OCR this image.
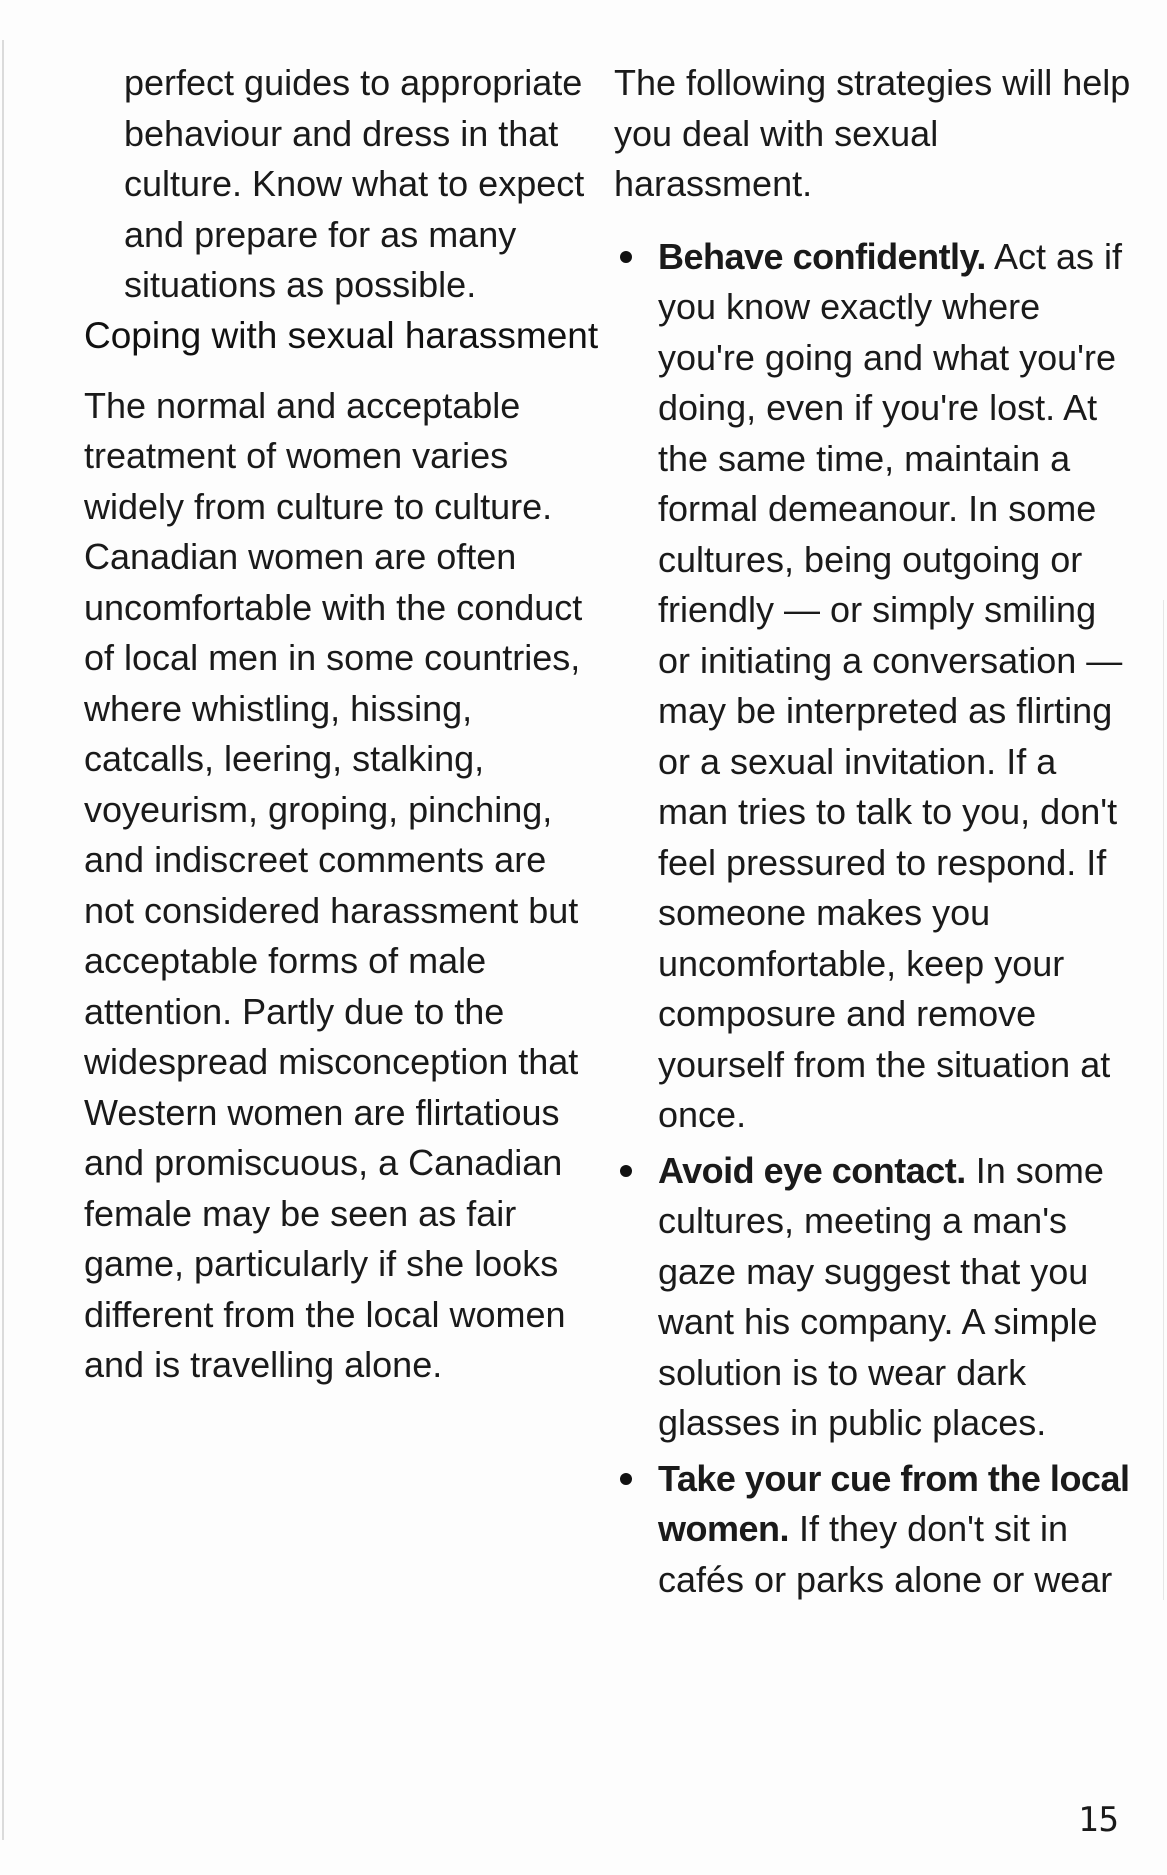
perfect guides to appropriate behaviour and dress in that culture. Know what to expect and prepare for as many situations as possible.

Coping with sexual harassment

The normal and acceptable treatment of women varies widely from culture to culture. Canadian women are often uncomfortable with the conduct of local men in some countries, where whistling, hissing, catcalls, leering, stalking, voyeurism, groping, pinching, and indiscreet comments are not considered harassment but acceptable forms of male attention. Partly due to the widespread misconception that Western women are flirtatious and promiscuous, a Canadian female may be seen as fair game, particularly if she looks different from the local women and is travelling alone.

The following strategies will help you deal with sexual harassment.

Behave confidently. Act as if you know exactly where you're going and what you're doing, even if you're lost. At the same time, maintain a formal demeanour. In some cultures, being outgoing or friendly — or simply smiling or initiating a conversation — may be interpreted as flirting or a sexual invitation. If a man tries to talk to you, don't feel pressured to respond. If someone makes you uncomfortable, keep your composure and remove yourself from the situation at once.
Avoid eye contact. In some cultures, meeting a man's gaze may suggest that you want his company. A simple solution is to wear dark glasses in public places.
Take your cue from the local women. If they don't sit in cafés or parks alone or wear
15
